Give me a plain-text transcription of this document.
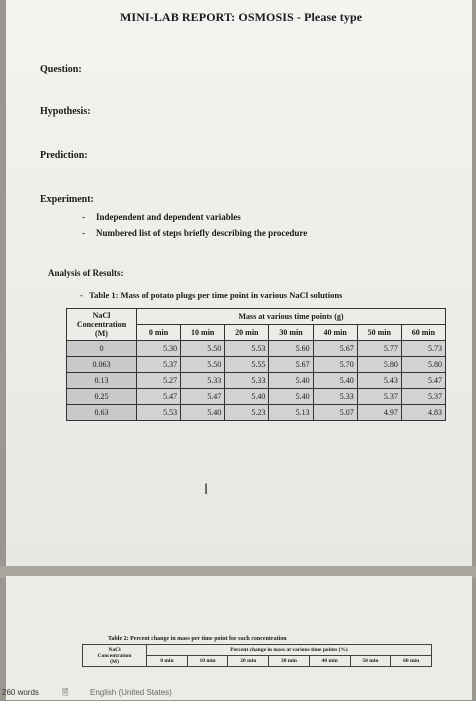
MINI-LAB REPORT: OSMOSIS - Please type
Question:
Hypothesis:
Prediction:
Experiment:
- Independent and dependent variables
- Numbered list of steps briefly describing the procedure
Analysis of Results:
-   Table 1: Mass of potato plugs per time point in various NaCl solutions
NaCl
Concentration
(M)	Mass at various time points (g)						
	0 min	10 min	20 min	30 min	40 min	50 min	60 min
0	5.30	5.50	5.53	5.60	5.67	5.77	5.73
0.063	5.37	5.50	5.55	5.67	5.70	5.80	5.80
0.13	5.27	5.33	5.33	5.40	5.40	5.43	5.47
0.25	5.47	5.47	5.40	5.40	5.33	5.37	5.37
0.63	5.53	5.40	5.23	5.13	5.07	4.97	4.83
I
Table 2: Percent change in mass per time point for each concentration
NaCl
Concentration
(M)	Percent change in mass at various time points (%)						
	0 min	10 min	20 min	30 min	40 min	50 min	60 min
260 words	🖹	English (United States)
